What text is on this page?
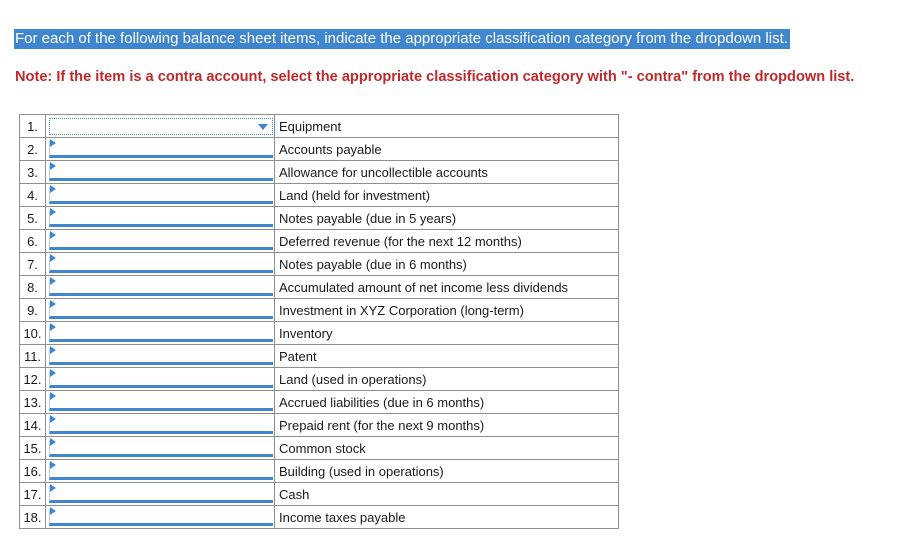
For each of the following balance sheet items, indicate the appropriate classification category from the dropdown list.
Note: If the item is a contra account, select the appropriate classification category with "- contra" from the dropdown list.
1.		Equipment
2.		Accounts payable
3.		Allowance for uncollectible accounts
4.		Land (held for investment)
5.		Notes payable (due in 5 years)
6.		Deferred revenue (for the next 12 months)
7.		Notes payable (due in 6 months)
8.		Accumulated amount of net income less dividends
9.		Investment in XYZ Corporation (long-term)
10.		Inventory
11.		Patent
12.		Land (used in operations)
13.		Accrued liabilities (due in 6 months)
14.		Prepaid rent (for the next 9 months)
15.		Common stock
16.		Building (used in operations)
17.		Cash
18.		Income taxes payable
